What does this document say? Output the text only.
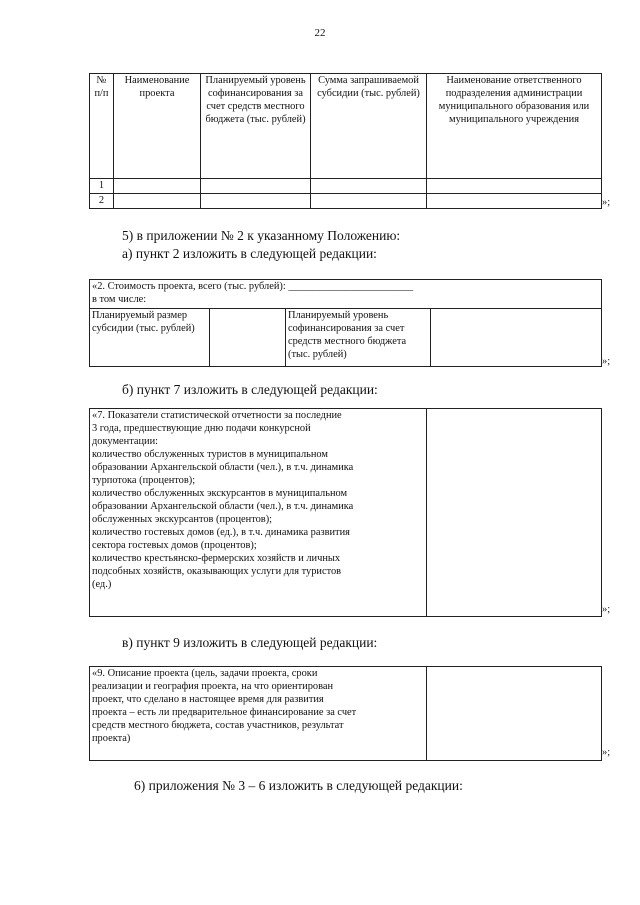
22
№ п/п	Наименование проекта	Планируемый уровень софинансирования за счет средств местного бюджета (тыс. рублей)	Сумма запрашиваемой субсидии (тыс. рублей)	Наименование ответственного подразделения администрации муниципального образования или муниципального учреждения
1				
2					»;
5) в приложении № 2 к указанному Положению:
а) пункт 2 изложить в следующей редакции:
«2. Стоимость проекта, всего (тыс. рублей): ________________________
в том числе:

Планируемый размер субсидии (тыс. рублей)		Планируемый уровень софинансирования за счет средств местного бюджета (тыс. рублей)	
»;
б) пункт 7 изложить в следующей редакции:
«7. Показатели статистической отчетности за последние
3 года, предшествующие дню подачи конкурсной
документации:
количество обслуженных туристов в муниципальном
образовании Архангельской области (чел.), в т.ч. динамика
турпотока (процентов);
количество обслуженных экскурсантов в муниципальном
образовании Архангельской области (чел.), в т.ч. динамика
обслуженных экскурсантов (процентов);
количество гостевых домов (ед.), в т.ч. динамика развития
сектора гостевых домов (процентов);
количество крестьянско-фермерских хозяйств и личных
подсобных хозяйств, оказывающих услуги для туристов
(ед.)	
»;
в) пункт 9 изложить в следующей редакции:
«9. Описание проекта (цель, задачи проекта, сроки
реализации и география проекта, на что ориентирован
проект, что сделано в настоящее время для развития
проекта – есть ли предварительное финансирование за счет
средств местного бюджета, состав участников, результат
проекта)	
»;
6) приложения № 3 – 6 изложить в следующей редакции:
